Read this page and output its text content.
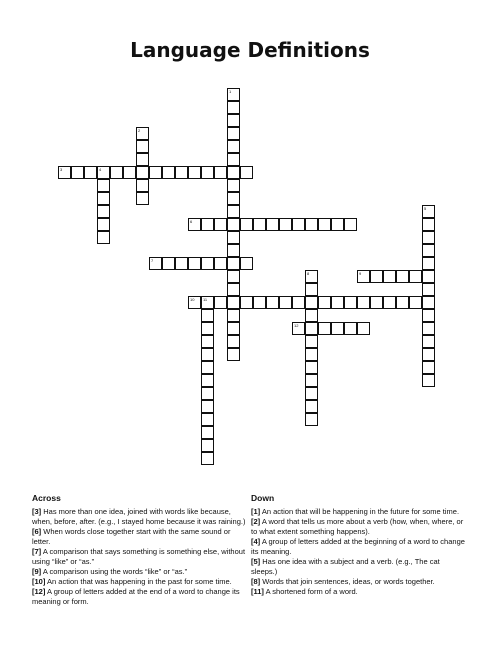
Language Definitions
1
2
3	4
5
6
7
8	9
10 11
12
Across

[3] Has more than one idea, joined with words like because, when, before, after. (e.g., I stayed home because it was raining.)

[6] When words close together start with the same sound or letter.

[7] A comparison that says something is something else, without using “like” or “as.”

[9] A comparison using the words “like” or “as.”

[10] An action that was happening in the past for some time.

[12] A group of letters added at the end of a word to change its meaning or form.

Down

[1] An action that will be happening in the future for some time.

[2] A word that tells us more about a verb (how, when, where, or to what extent something happens).

[4] A group of letters added at the beginning of a word to change its meaning.

[5] Has one idea with a subject and a verb. (e.g., The cat sleeps.)

[8] Words that join sentences, ideas, or words together.

[11] A shortened form of a word.
